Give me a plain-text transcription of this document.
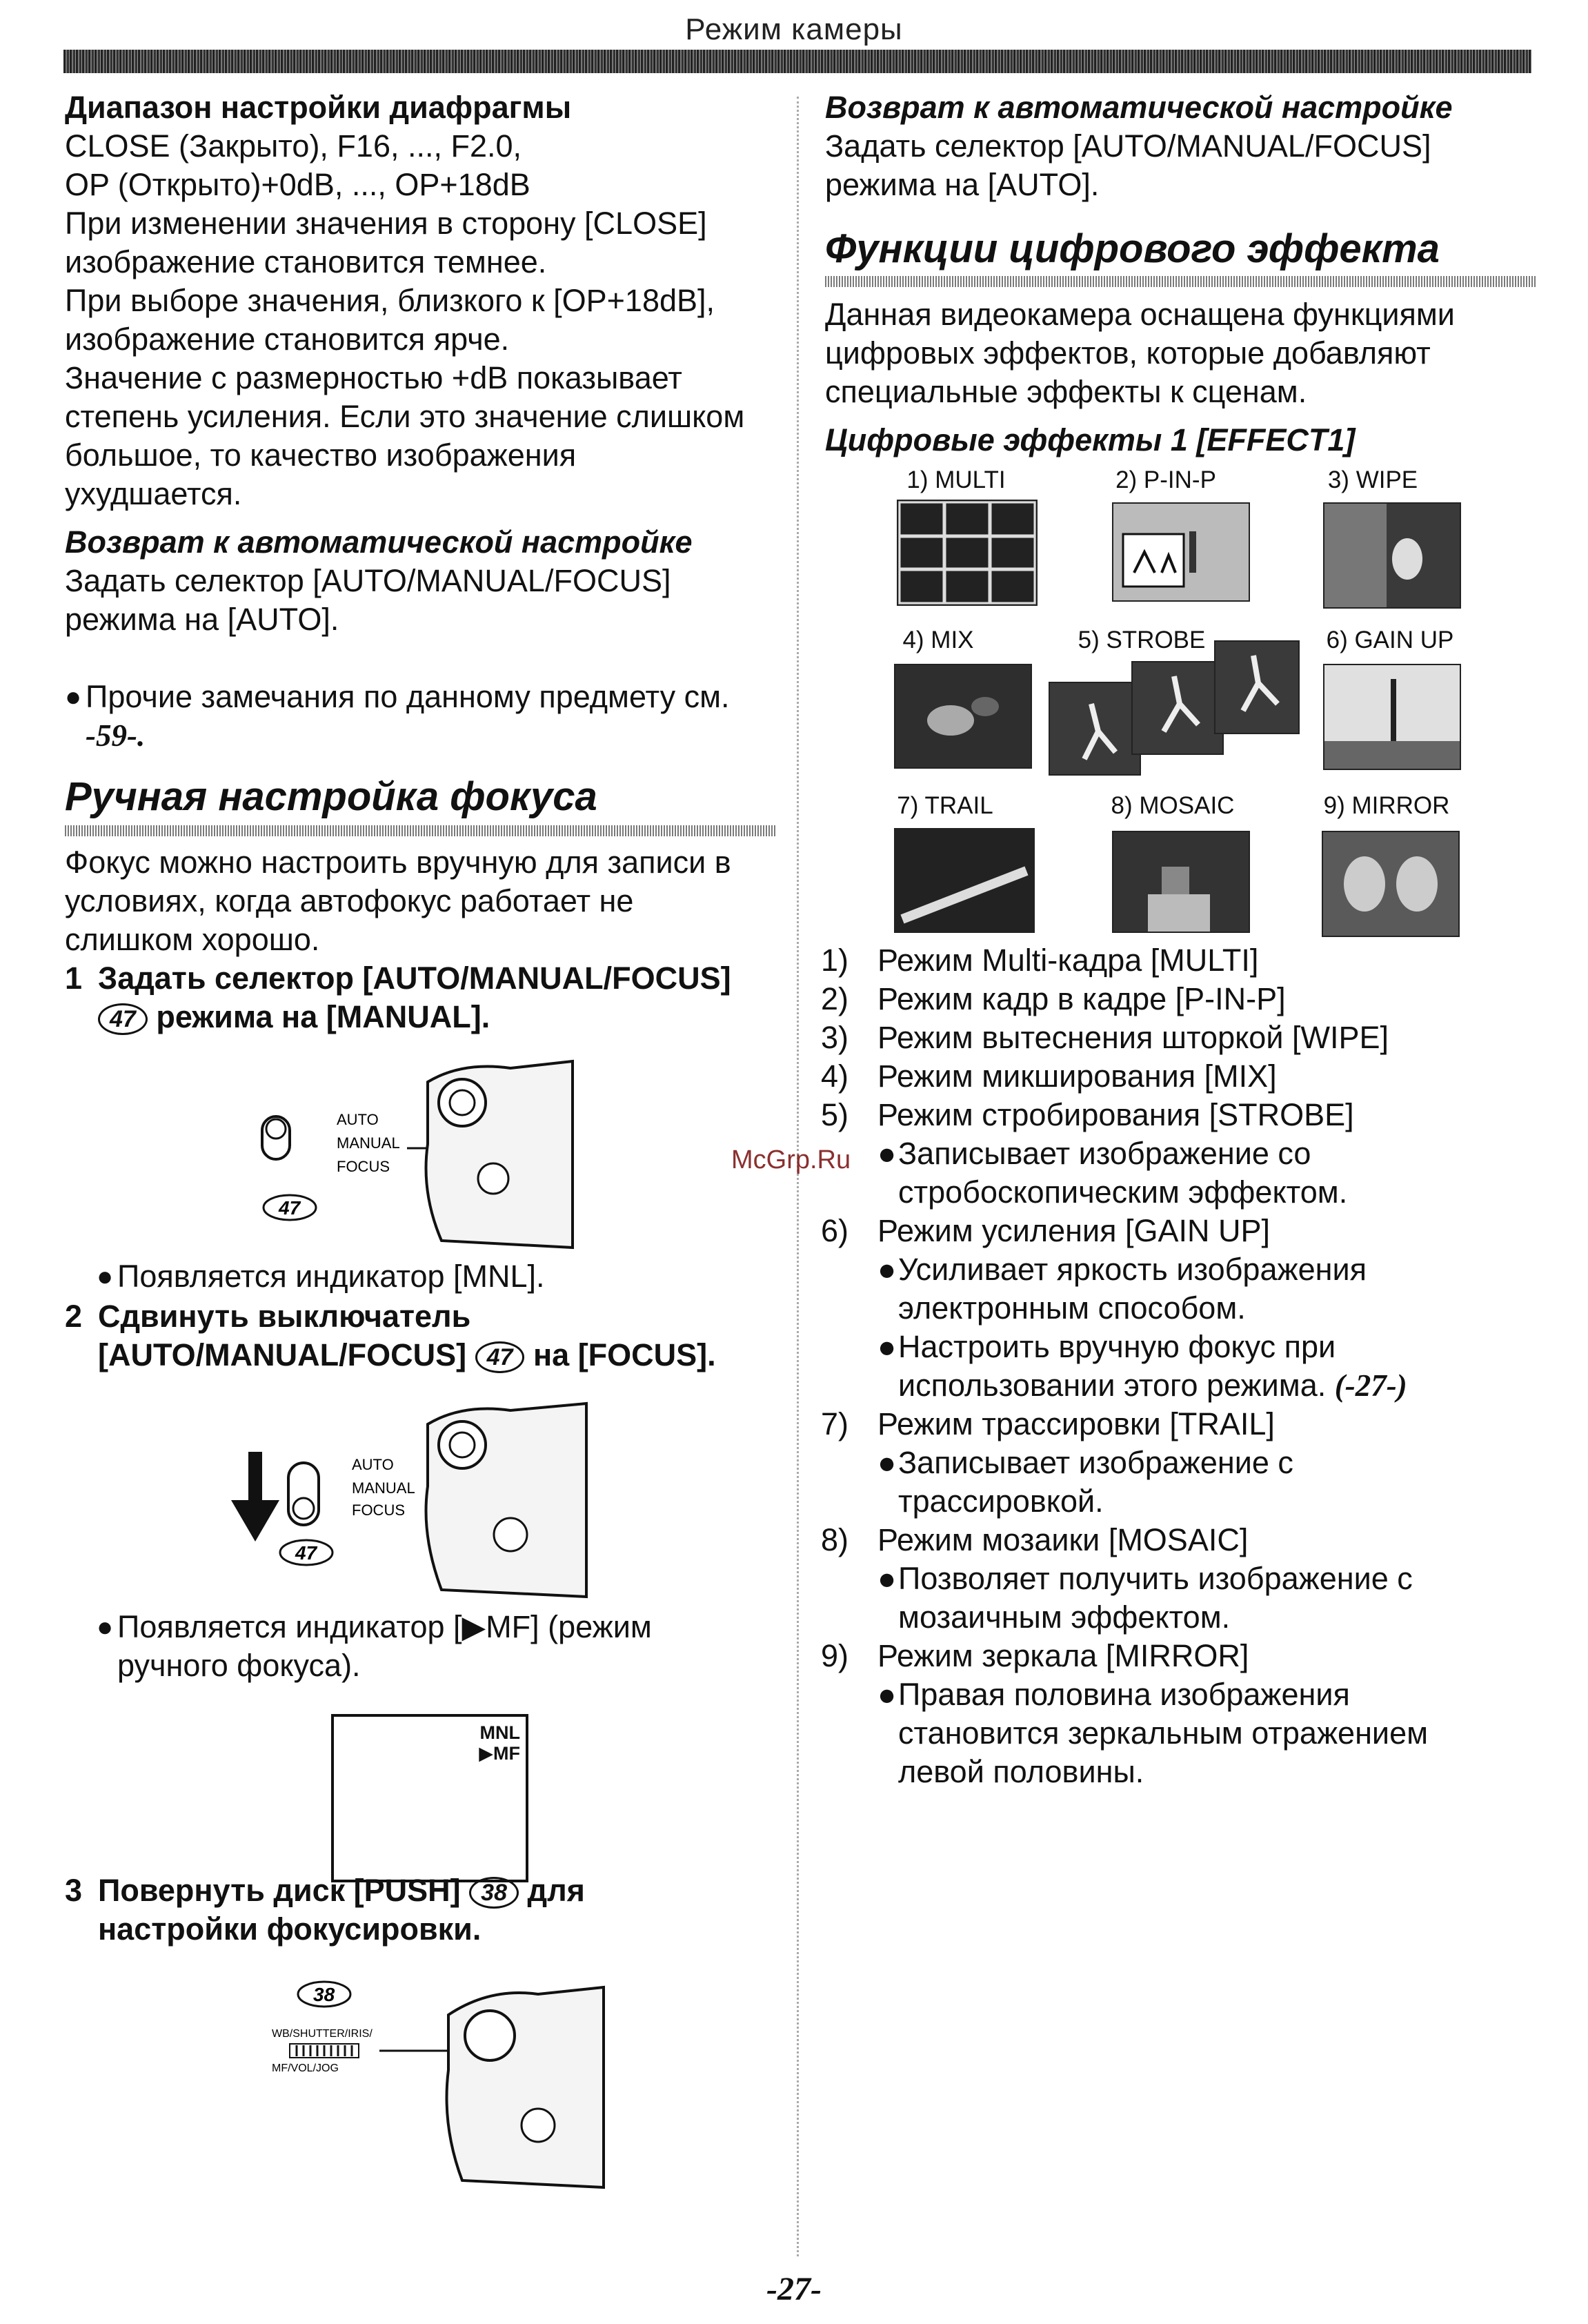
Режим камеры

Диапазон настройки диафрагмы

CLOSE (Закрыто), F16, ..., F2.0,

OP (Открыто)+0dB, ..., OP+18dB

При изменении значения в сторону [CLOSE]

изображение становится темнее.

При выборе значения, близкого к [OP+18dB],

изображение становится ярче.

Значение с размерностью +dB показывает

степень усиления. Если это значение слишком

большое, то качество изображения

ухудшается.

Возврат к автоматической настройке

Задать селектор [AUTO/MANUAL/FOCUS]

режима на [AUTO].

● Прочие замечания по данному предмету см.

-59-.

Ручная настройка фокуса

Фокус можно настроить вручную для записи в

условиях, когда автофокус работает не

слишком хорошо.

1 Задать селектор [AUTO/MANUAL/FOCUS]
47 режима на [MANUAL].
AUTO
MANUAL
FOCUS
47
● Появляется индикатор [MNL].
2 Сдвинуть выключатель
[AUTO/MANUAL/FOCUS] 47 на [FOCUS].
AUTO
MANUAL
FOCUS
47
● Появляется индикатор [▶MF] (режим
ручного фокуса).
MNL
▶MF
3 Повернуть диск [PUSH] 38 для
настройки фокусировки.
38
WB/SHUTTER/IRIS/
MF/VOL/JOG

Возврат к автоматической настройке

Задать селектор [AUTO/MANUAL/FOCUS]

режима на [AUTO].

Функции цифрового эффекта

Данная видеокамера оснащена функциями

цифровых эффектов, которые добавляют

специальные эффекты к сценам.

Цифровые эффекты 1 [EFFECT1]

1) MULTI	2) P-IN-P	3) WIPE
4) MIX	5) STROBE	6) GAIN UP
7) TRAIL	8) MOSAIC	9) MIRROR
1) Режим Multi-кадра [MULTI]
2) Режим кадр в кадре [P-IN-P]
3) Режим вытеснения шторкой [WIPE]
4) Режим микширования [MIX]
5) Режим стробирования [STROBE]
● Записывает изображение со
стробоскопическим эффектом.
6) Режим усиления [GAIN UP]
● Усиливает яркость изображения
электронным способом.
● Настроить вручную фокус при
использовании этого режима. (-27-)
7) Режим трассировки [TRAIL]
● Записывает изображение с
трассировкой.
8) Режим мозаики [MOSAIC]
● Позволяет получить изображение с
мозаичным эффектом.
9) Режим зеркала [MIRROR]
● Правая половина изображения
становится зеркальным отражением
левой половины.
McGrp.Ru
-27-
